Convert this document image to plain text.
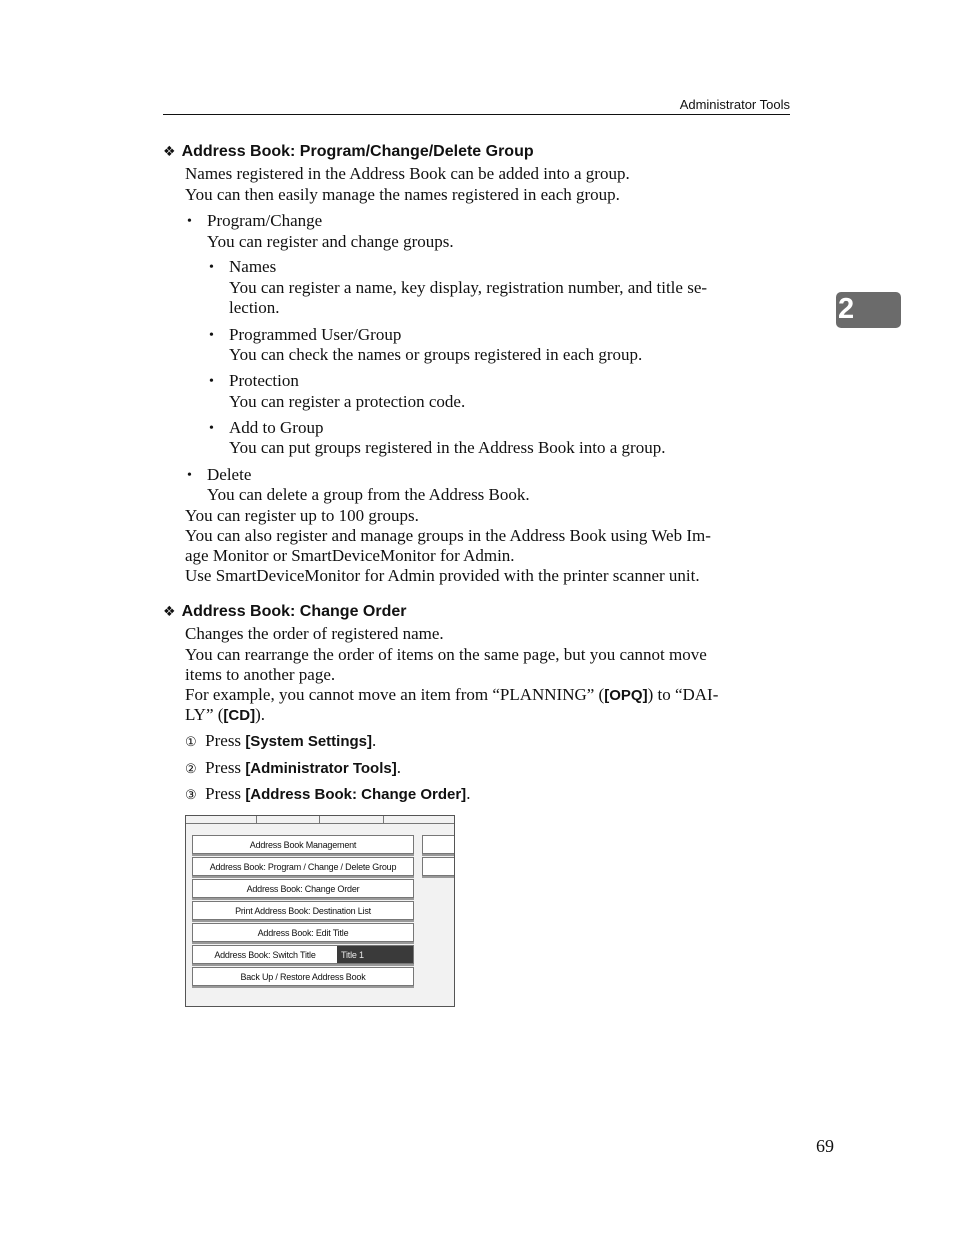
Administrator Tools
2
❖ Address Book: Program/Change/Delete Group
Names registered in the Address Book can be added into a group.
You can then easily manage the names registered in each group.
• Program/Change
You can register and change groups.
• Names
You can register a name, key display, registration number, and title se-
lection.
• Programmed User/Group
You can check the names or groups registered in each group.
• Protection
You can register a protection code.
• Add to Group
You can put groups registered in the Address Book into a group.
• Delete
You can delete a group from the Address Book.
You can register up to 100 groups.
You can also register and manage groups in the Address Book using Web Im-
age Monitor or SmartDeviceMonitor for Admin.
Use SmartDeviceMonitor for Admin provided with the printer scanner unit.
❖ Address Book: Change Order
Changes the order of registered name.
You can rearrange the order of items on the same page, but you cannot move
items to another page.
For example, you cannot move an item from “PLANNING” ([OPQ]) to “DAI-
LY” ([CD]).
① Press [System Settings].
② Press [Administrator Tools].
③ Press [Address Book: Change Order].
Address Book Management
Address Book: Program / Change / Delete Group
Address Book: Change Order
Print Address Book: Destination List
Address Book: Edit Title
Address Book: Switch Title	Title 1
Back Up / Restore Address Book
69
